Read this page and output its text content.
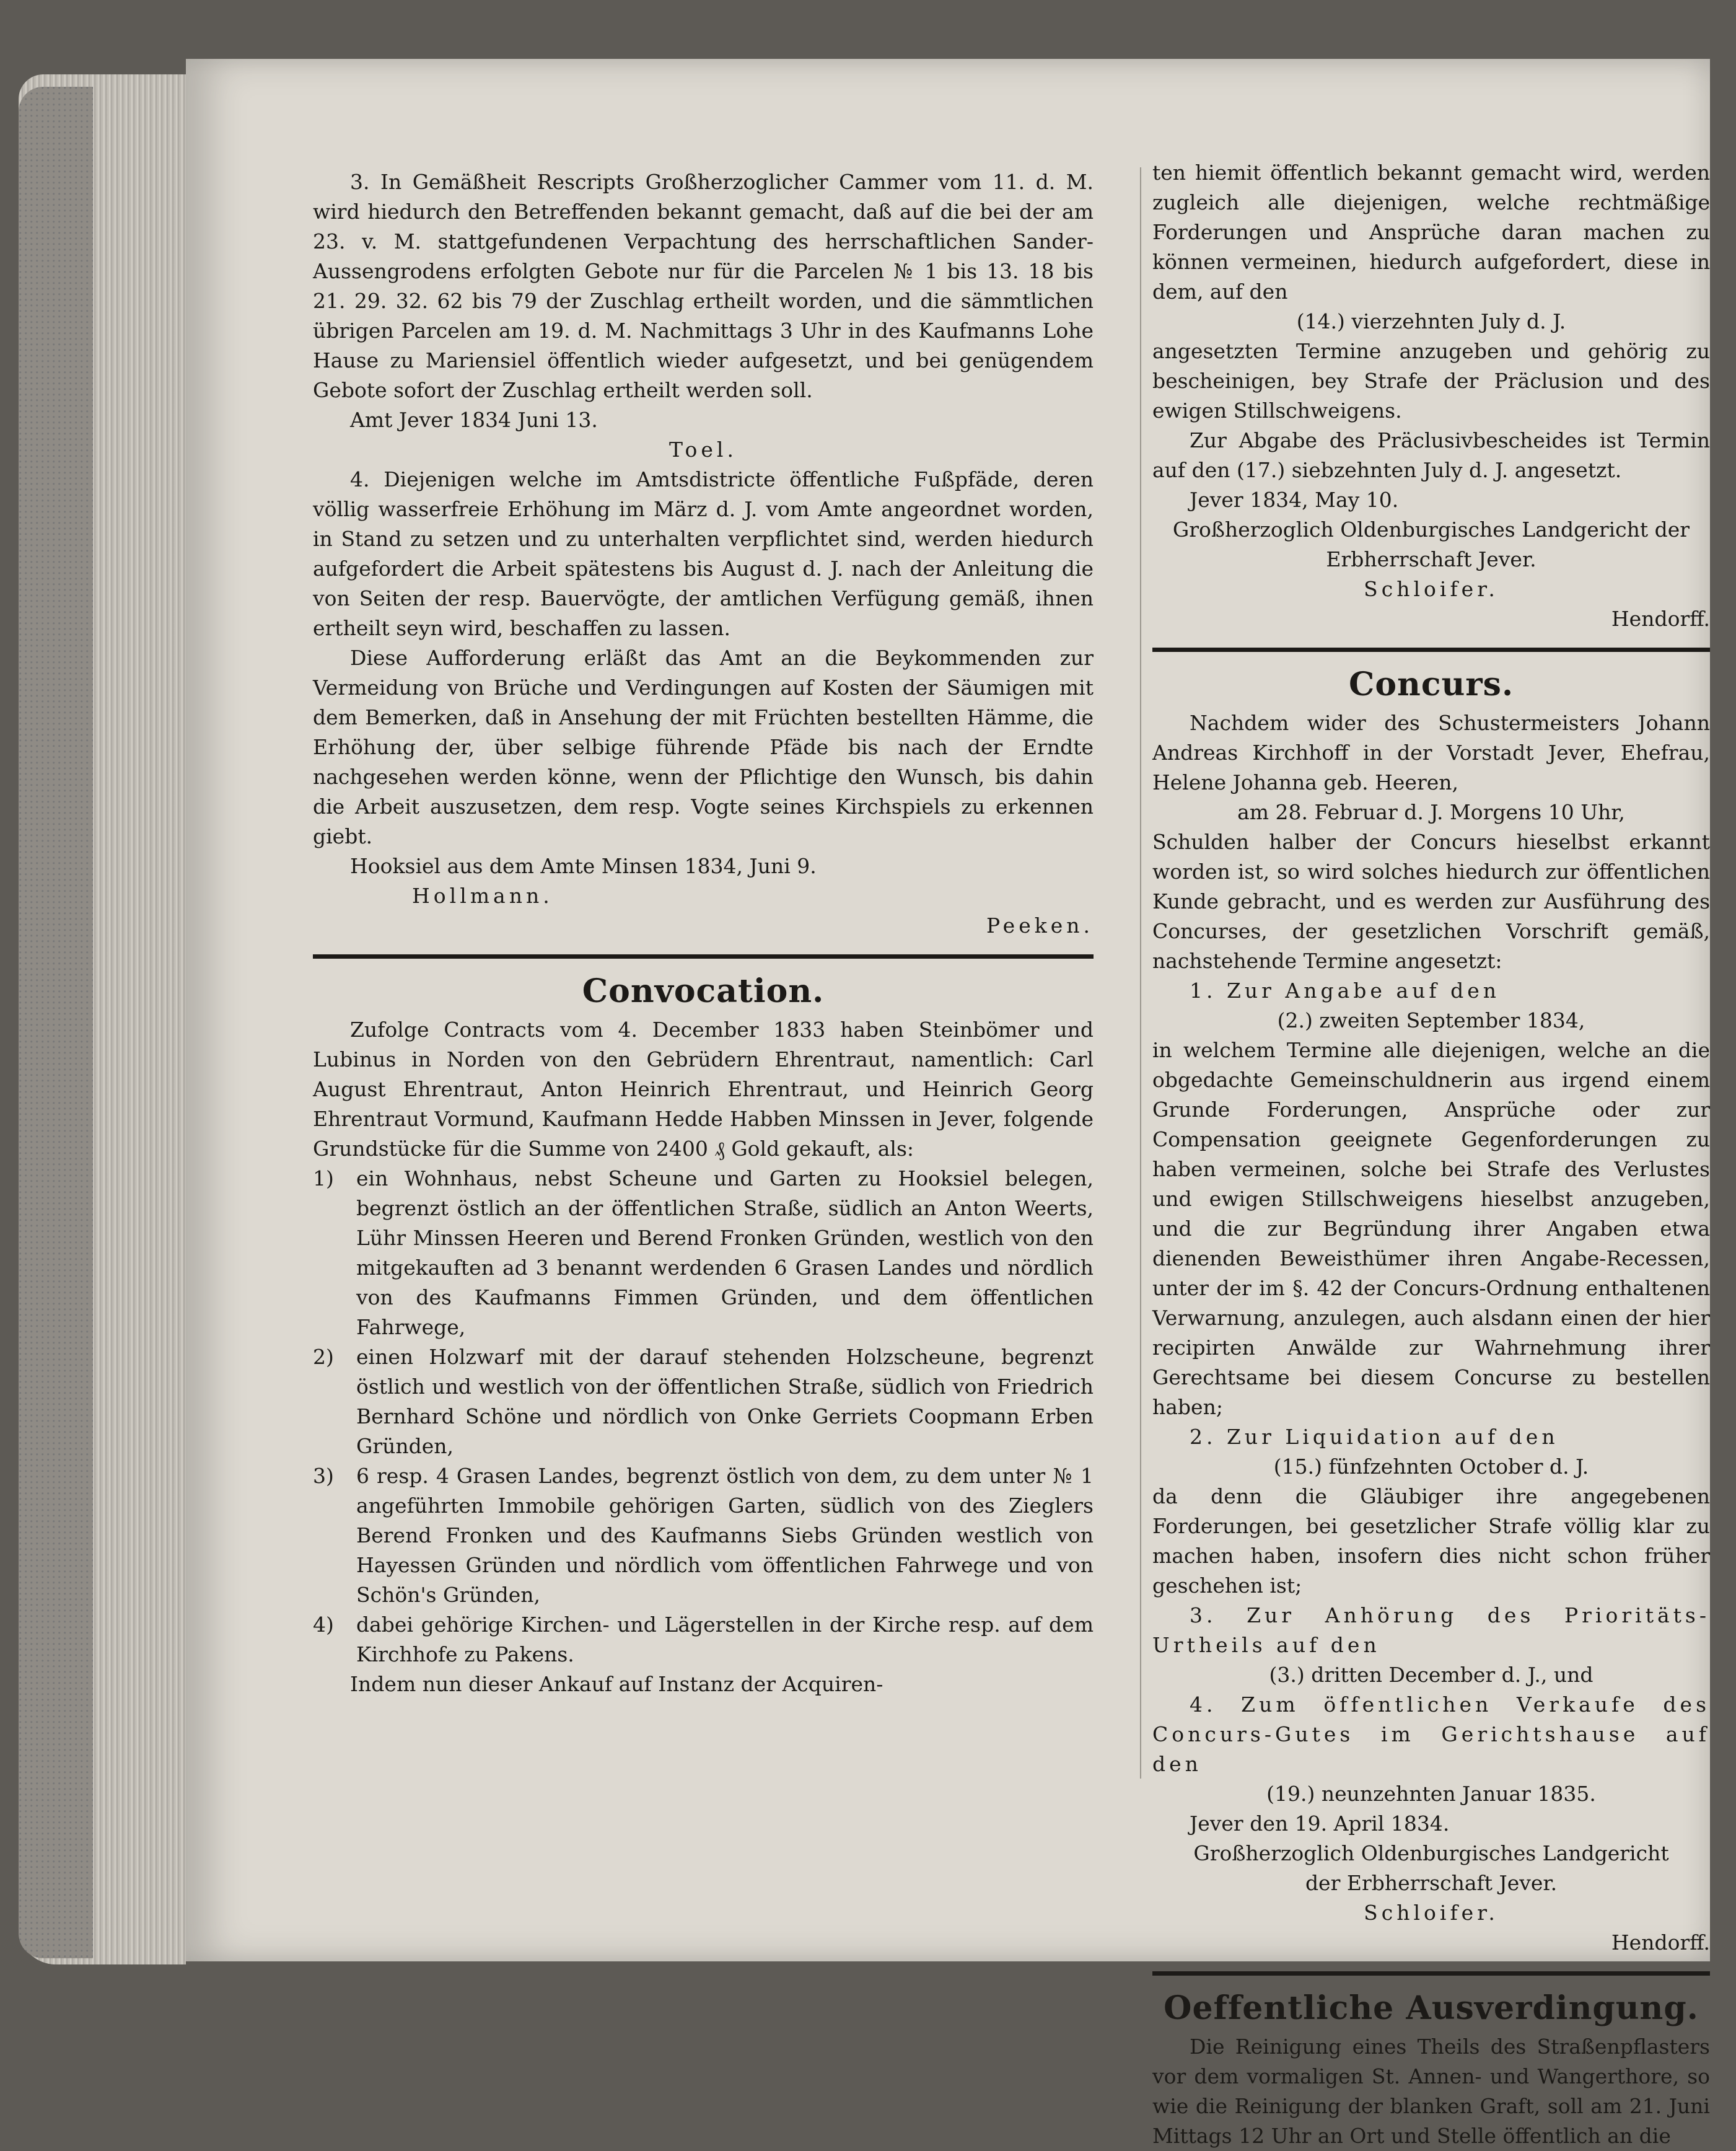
3. In Gemäßheit Rescripts Großherzoglicher Cammer vom 11. d. M. wird hiedurch den Betreffenden bekannt gemacht, daß auf die bei der am 23. v. M. stattgefundenen Verpachtung des herrschaftlichen Sander-Aussengrodens erfolgten Gebote nur für die Parcelen № 1 bis 13. 18 bis 21. 29. 32. 62 bis 79 der Zuschlag ertheilt worden, und die sämmtlichen übrigen Parcelen am 19. d. M. Nachmittags 3 Uhr in des Kaufmanns Lohe Hause zu Mariensiel öffentlich wieder aufgesetzt, und bei genügendem Gebote sofort der Zuschlag ertheilt werden soll.

Amt Jever 1834 Juni 13.

Toel.

4. Diejenigen welche im Amtsdistricte öffentliche Fußpfäde, deren völlig wasserfreie Erhöhung im März d. J. vom Amte angeordnet worden, in Stand zu setzen und zu unterhalten verpflichtet sind, werden hiedurch aufgefordert die Arbeit spätestens bis August d. J. nach der Anleitung die von Seiten der resp. Bauervögte, der amtlichen Verfügung gemäß, ihnen ertheilt seyn wird, beschaffen zu lassen.

Diese Aufforderung erläßt das Amt an die Beykommenden zur Vermeidung von Brüche und Verdingungen auf Kosten der Säumigen mit dem Bemerken, daß in Ansehung der mit Früchten bestellten Hämme, die Erhöhung der, über selbige führende Pfäde bis nach der Erndte nachgesehen werden könne, wenn der Pflichtige den Wunsch, bis dahin die Arbeit auszusetzen, dem resp. Vogte seines Kirchspiels zu erkennen giebt.

Hooksiel aus dem Amte Minsen 1834, Juni 9.

Hollmann.

Peeken.

Convocation.

Zufolge Contracts vom 4. December 1833 haben Steinbömer und Lubinus in Norden von den Gebrüdern Ehrentraut, namentlich: Carl August Ehrentraut, Anton Heinrich Ehrentraut, und Heinrich Georg Ehrentraut Vormund, Kaufmann Hedde Habben Minssen in Jever, folgende Grundstücke für die Summe von 2400 ₰ Gold gekauft, als:

1)	ein Wohnhaus, nebst Scheune und Garten zu Hooksiel belegen, begrenzt östlich an der öffentlichen Straße, südlich an Anton Weerts, Lühr Minssen Heeren und Berend Fronken Gründen, westlich von den mitgekauften ad 3 benannt werdenden 6 Grasen Landes und nördlich von des Kaufmanns Fimmen Gründen, und dem öffentlichen Fahrwege,

2)	einen Holzwarf mit der darauf stehenden Holzscheune, begrenzt östlich und westlich von der öffentlichen Straße, südlich von Friedrich Bernhard Schöne und nördlich von Onke Gerriets Coopmann Erben Gründen,

3)	6 resp. 4 Grasen Landes, begrenzt östlich von dem, zu dem unter № 1 angeführten Immobile gehörigen Garten, südlich von des Zieglers Berend Fronken und des Kaufmanns Siebs Gründen westlich von Hayessen Gründen und nördlich vom öffentlichen Fahrwege und von Schön's Gründen,

4)	dabei gehörige Kirchen- und Lägerstellen in der Kirche resp. auf dem Kirchhofe zu Pakens.

Indem nun dieser Ankauf auf Instanz der Acquiren-

ten hiemit öffentlich bekannt gemacht wird, werden zugleich alle diejenigen, welche rechtmäßige Forderungen und Ansprüche daran machen zu können vermeinen, hiedurch aufgefordert, diese in dem, auf den

(14.) vierzehnten July d. J.

angesetzten Termine anzugeben und gehörig zu bescheinigen, bey Strafe der Präclusion und des ewigen Stillschweigens.

Zur Abgabe des Präclusivbescheides ist Termin auf den (17.) siebzehnten July d. J. angesetzt.

Jever 1834, May 10.

Großherzoglich Oldenburgisches Landgericht der Erbherrschaft Jever.

Schloifer.

Hendorff.

Concurs.

Nachdem wider des Schustermeisters Johann Andreas Kirchhoff in der Vorstadt Jever, Ehefrau, Helene Johanna geb. Heeren,

am 28. Februar d. J. Morgens 10 Uhr,

Schulden halber der Concurs hieselbst erkannt worden ist, so wird solches hiedurch zur öffentlichen Kunde gebracht, und es werden zur Ausführung des Concurses, der gesetzlichen Vorschrift gemäß, nachstehende Termine angesetzt:

1. Zur Angabe auf den

(2.) zweiten September 1834,

in welchem Termine alle diejenigen, welche an die obgedachte Gemeinschuldnerin aus irgend einem Grunde Forderungen, Ansprüche oder zur Compensation geeignete Gegenforderungen zu haben vermeinen, solche bei Strafe des Verlustes und ewigen Stillschweigens hieselbst anzugeben, und die zur Begründung ihrer Angaben etwa dienenden Beweisthümer ihren Angabe-Recessen, unter der im §. 42 der Concurs-Ordnung enthaltenen Verwarnung, anzulegen, auch alsdann einen der hier recipirten Anwälde zur Wahrnehmung ihrer Gerechtsame bei diesem Concurse zu bestellen haben;

2. Zur Liquidation auf den

(15.) fünfzehnten October d. J.

da denn die Gläubiger ihre angegebenen Forderungen, bei gesetzlicher Strafe völlig klar zu machen haben, insofern dies nicht schon früher geschehen ist;

3. Zur Anhörung des Prioritäts-Urtheils auf den

(3.) dritten December d. J., und

4. Zum öffentlichen Verkaufe des Concurs-Gutes im Gerichtshause auf den

(19.) neunzehnten Januar 1835.

Jever den 19. April 1834.

Großherzoglich Oldenburgisches Landgericht

der Erbherrschaft Jever.

Schloifer.

Hendorff.

Oeffentliche Ausverdingung.

Die Reinigung eines Theils des Straßenpflasters vor dem vormaligen St. Annen- und Wangerthore, so wie die Reinigung der blanken Graft, soll am 21. Juni Mittags 12 Uhr an Ort und Stelle öffentlich an die
